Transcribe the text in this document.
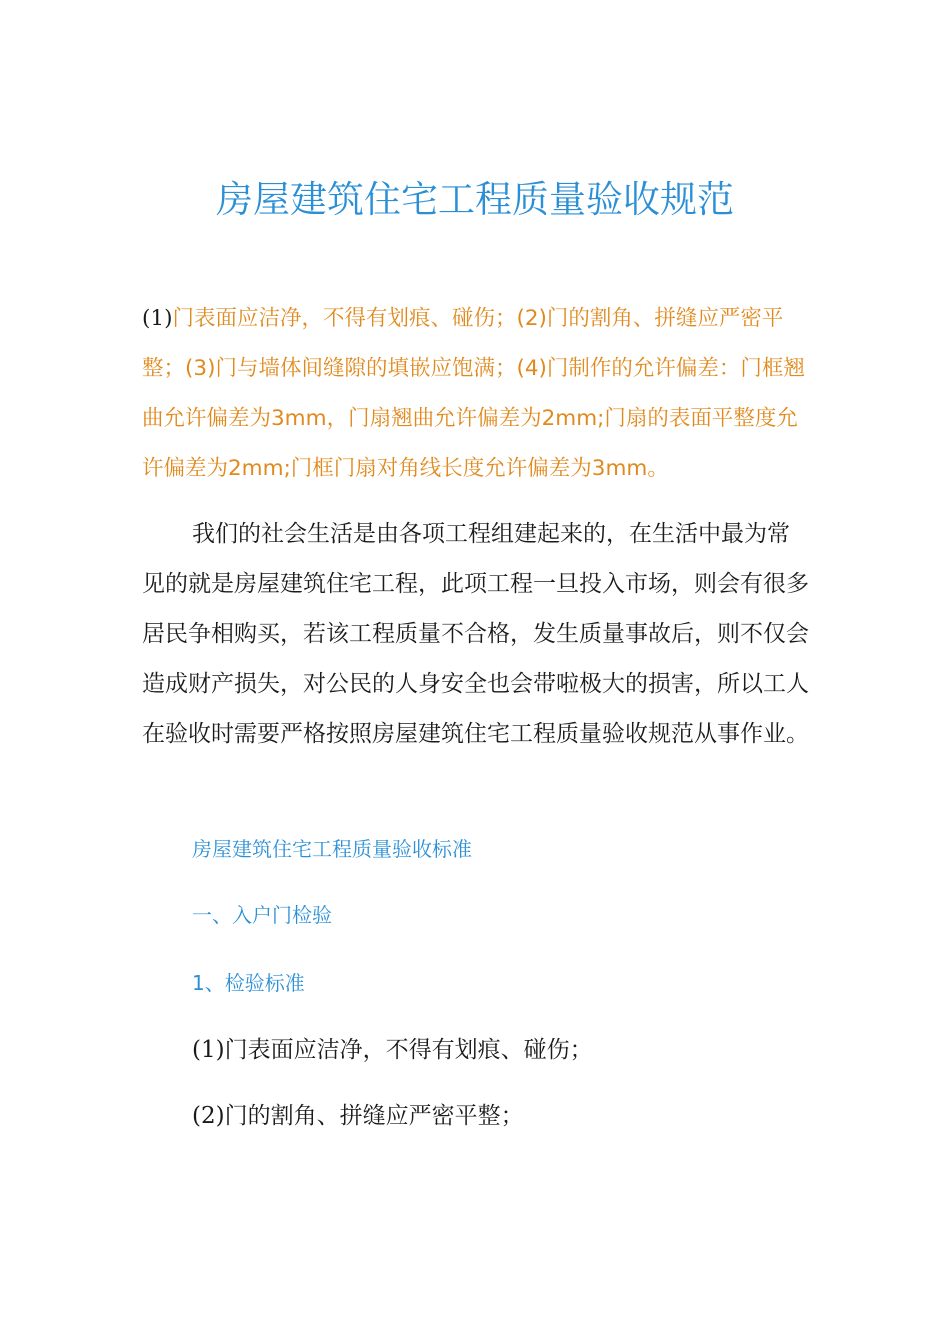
房屋建筑住宅工程质量验收规范

(1)门表面应洁净，不得有划痕、碰伤；(2)门的割角、拼缝应严密平整；(3)门与墙体间缝隙的填嵌应饱满；(4)门制作的允许偏差：门框翘曲允许偏差为3mm，门扇翘曲允许偏差为2mm;门扇的表面平整度允许偏差为2mm;门框门扇对角线长度允许偏差为3mm。

我们的社会生活是由各项工程组建起来的，在生活中最为常见的就是房屋建筑住宅工程，此项工程一旦投入市场，则会有很多居民争相购买，若该工程质量不合格，发生质量事故后，则不仅会造成财产损失，对公民的人身安全也会带啦极大的损害，所以工人在验收时需要严格按照房屋建筑住宅工程质量验收规范从事作业。

房屋建筑住宅工程质量验收标准

一、入户门检验

1、检验标准

(1)门表面应洁净，不得有划痕、碰伤；

(2)门的割角、拼缝应严密平整；
